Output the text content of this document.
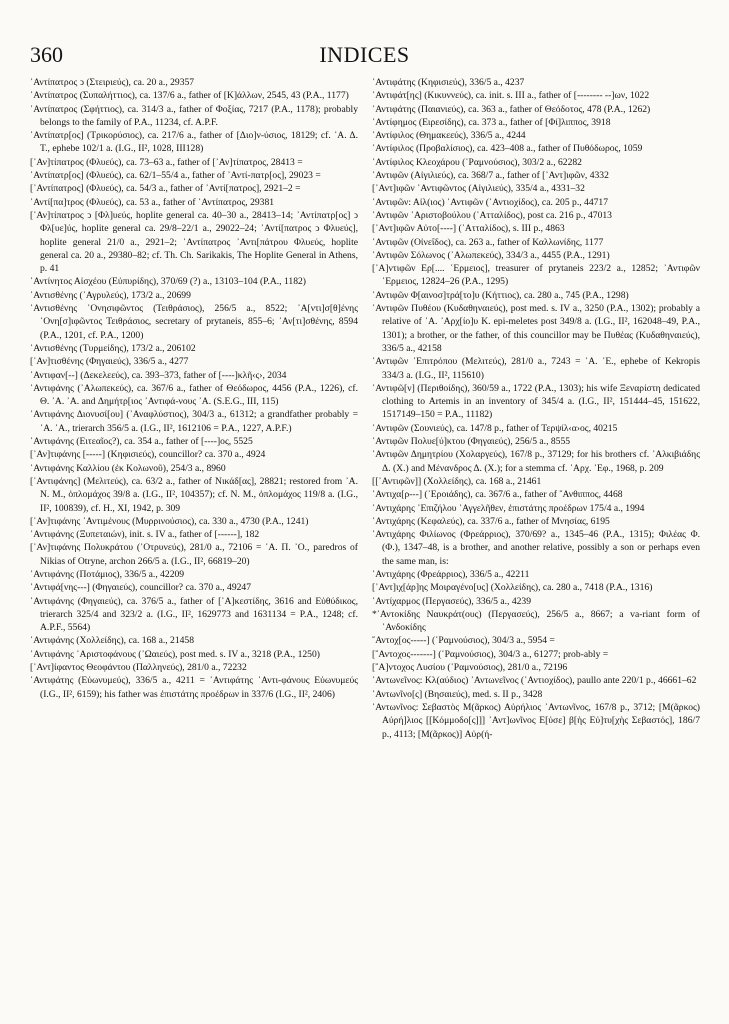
360	INDICES

᾿Αντίπατρος ↄ (Στειριεύς), ca. 20 a., 29357

᾿Αντίπατρος (Συπαλήττιος), ca. 137/6 a., father of [Κ]άλλων, 2545, 43 (P.A., 1177)

᾿Αντίπατρος (Σφήττιος), ca. 314/3 a., father of Φοξίας, 7217 (P.A., 1178); probably belongs to the family of P.A., 11234, cf. A.P.F.

᾿Αντίπατρ[ος] (Τρικορύσιος), ca. 217/6 a., father of [Διο]ν-ύσιος, 18129; cf. ᾿Α. Δ. Τ., ephebe 102/1 a. (I.G., II², 1028, III128)

[᾿Αν]τίπατρος (Φλυεύς), ca. 73–63 a., father of [᾿Αν]τίπατρος, 28413 =

᾿Αντίπατρ[ος] (Φλυεύς), ca. 62/1–55/4 a., father of ᾿Αντί-πατρ[ος], 29023 =

[᾿Αντίπατρος] (Φλυεύς), ca. 54/3 a., father of ᾿Αντί[πατρος], 2921–2 =

᾿Αντί[πα]τρος (Φλυεύς), ca. 53 a., father of ᾿Αντίπατρος, 29381

[᾿Αν]τίπατρος ↄ [Φλ]υεύς, hoplite general ca. 40–30 a., 28413–14; ᾿Αντίπατρ[ος] ↄ Φλ[υε]ύς, hoplite general ca. 29/8–22/1 a., 29022–24; ᾿Αντί[πατρος ↄ Φλυεύς], hoplite general 21/0 a., 2921–2; ᾿Αντίπατρος ᾿Αντι[πάτρου Φλυεύς, hoplite general ca. 20 a., 29380–82; cf. Th. Ch. Sarikakis, The Hoplite General in Athens, p. 41

᾿Αντίνητος Αἰσχέου (Εὐπυρίδης), 370/69 (?) a., 13103–104 (P.A., 1182)

᾿Αντισθένης (᾿Αγρυλεύς), 173/2 a., 20699

᾿Αντισθένης ᾿Ονησιφῶντος (Τειθράσιος), 256/5 a., 8522; ᾿Α[ντι]σ[θ]ένης ᾿Ονη[σ]ιφῶντος Τειθράσιος, secretary of prytaneis, 855–6; ᾿Αν[τι]σθένης, 8594 (P.A., 1201, cf. P.A., 1200)

᾿Αντισθένης (Τυρμείδης), 173/2 a., 206102

[᾿Αν]τισθένης (Φηγαιεύς), 336/5 a., 4277

᾿Αντιφαν[--] (Δεκελεεύς), ca. 393–373, father of [----]κλῆ‹ς›, 2034

᾿Αντιφάνης (᾿Αλωπεκεύς), ca. 367/6 a., father of Θεόδωρος, 4456 (P.A., 1226), cf. Θ. ᾿Α. ᾿Α. and Δημήτρ[ιος ᾿Αντιφά-νους ᾿Α. (S.E.G., III, 115)

᾿Αντιφάνης Διονυσί[ου] (᾿Αναφλύστιος), 304/3 a., 61312; a grandfather probably = ᾿Α. ᾿Α., trierarch 356/5 a. (I.G., II², 1612106 = P.A., 1227, A.P.F.)

᾿Αντιφάνης (Ειτεαῖος?), ca. 354 a., father of [----]ος, 5525

[᾿Αν]τιφάνης [-----] (Κηφισιεύς), councillor? ca. 370 a., 4924

᾿Αντιφάνης Καλλίου (ἐκ Κολωνοῦ), 254/3 a., 8960

[᾿Αντιφάνης] (Μελιτεύς), ca. 63/2 a., father of Νικάδ[ας], 28821; restored from ᾿Α. Ν. Μ., ὁπλομάχος 39/8 a. (I.G., II², 104357); cf. Ν. Μ., ὁπλομάχος 119/8 a. (I.G., II², 100839), cf. H., XI, 1942, p. 309

[᾿Αν]τιφάνης ᾿Αντιμένους (Μυρρινούσιος), ca. 330 a., 4730 (P.A., 1241)

᾿Αντιφάνης (Ξυπεταιών), init. s. IV a., father of [------], 182

[᾿Αν]τιφάνης Πολυκράτου (᾿Οτρυνεύς), 281/0 a., 72106 = ᾿Α. Π. ᾿Ο., paredros of Nikias of Otryne, archon 266/5 a. (I.G., II², 66819–20)

᾿Αντιφάνης (Ποτάμιος), 336/5 a., 42209

᾿Αντιφά[νης---] (Φηγαιεύς), councillor? ca. 370 a., 49247

᾿Αντιφάνης (Φηγαιεύς), ca. 376/5 a., father of [᾿Α]κεστίδης, 3616 and Εὐθύδικος, trierarch 325/4 and 323/2 a. (I.G., II², 1629773 and 1631134 = P.A., 1248; cf. A.P.F., 5564)

᾿Αντιφάνης (Χολλείδης), ca. 168 a., 21458

᾿Αντιφάνης ᾿Αριστοφάνους (᾿Ωαιεύς), post med. s. IV a., 3218 (P.A., 1250)

[᾿Αντ]ίφαντος Θεοφάντου (Παλληνεύς), 281/0 a., 72232

᾿Αντιφάτης (Εὐωνυμεύς), 336/5 a., 4211 = ᾿Αντιφάτης ᾿Αντι-φάνους Εὐωνυμεύς (I.G., II², 6159); his father was ἐπιστάτης προέδρων in 337/6 (I.G., II², 2406)

᾿Αντιφάτης (Κηφισιεύς), 336/5 a., 4237

᾿Αντιφάτ[ης] (Κικυννεύς), ca. init. s. III a., father of [-------- --]ων, 1022

᾿Αντιφάτης (Παιανιεύς), ca. 363 a., father of Θεόδοτος, 478 (P.A., 1262)

᾿Αντίφημος (Ειρεσίδης), ca. 373 a., father of [Φί]λιππος, 3918

᾿Αντίφιλος (Θημακεεύς), 336/5 a., 4244

᾿Αντίφιλος (Προβαλίσιος), ca. 423–408 a., father of Πυθόδωρος, 1059

᾿Αντίφιλος Κλεοχάρου (῾Ραμνούσιος), 303/2 a., 62282

᾿Αντιφῶν (Αἰγιλιεύς), ca. 368/7 a., father of [᾿Αντ]ιφῶν, 4332

[᾿Αντ]ιφῶν ᾿Αντιφῶντος (Αἰγιλιεύς), 335/4 a., 4331–32

᾿Αντιφῶν: Αἰλ(ιος) ᾿Αντιφῶν (᾿Αντιοχίδος), ca. 205 p., 44717

᾿Αντιφῶν ᾿Αριστοβούλου (᾿Ατταλίδος), post ca. 216 p., 47013

[᾿Αντ]ιφῶν Αὐτο[----] (᾿Ατταλίδος), s. III p., 4863

᾿Αντιφῶν (Οἰνεΐδος), ca. 263 a., father of Καλλωνίδης, 1177

᾿Αντιφῶν Σόλωνος (᾿Αλωπεκεύς), 334/3 a., 4455 (P.A., 1291)

[᾿Α]ντιφῶν Ερ[.... ῾Ερμειος], treasurer of prytaneis 223/2 a., 12852; ᾿Αντιφῶν ῾Ερμειος, 12824–26 (P.A., 1295)

᾿Αντιφῶν Φ[αινοσ]τρά[το]υ (Κήττιος), ca. 280 a., 745 (P.A., 1298)

᾿Αντιφῶν Πυθέου (Κυδαθηναιεύς), post med. s. IV a., 3250 (P.A., 1302); probably a relative of ᾿Α. ᾿Αρχ[ίο]υ Κ. epi-meletes post 349/8 a. (I.G., II², 162048–49, P.A., 1301); a brother, or the father, of this councillor may be Πυθέας (Κυδαθηναιεύς), 336/5 a., 42158

᾿Αντιφῶν ᾿Επιτρόπου (Μελιτεύς), 281/0 a., 7243 = ᾿Α. ᾿Ε., ephebe of Kekropis 334/3 a. (I.G., II², 115610)

᾿Αντιφῶ[ν] (Περιθοίδης), 360/59 a., 1722 (P.A., 1303); his wife Ξεναρίστη dedicated clothing to Artemis in an inventory of 345/4 a. (I.G., II², 151444–45, 151622, 1517149–150 = P.A., 11182)

᾿Αντιφῶν (Σουνιεύς), ca. 147/8 p., father of Τερψίλ‹α›ος, 40215

᾿Αντιφῶν Πολυε[ύ]κτου (Φηγαιεύς), 256/5 a., 8555

᾿Αντιφῶν Δημητρίου (Χολαργεύς), 167/8 p., 37129; for his brothers cf. ᾿Αλκιβιάδης Δ. (Χ.) and Μένανδρος Δ. (Χ.); for a stemma cf. ᾿Αρχ. ᾿Εφ., 1968, p. 209

[[᾿Αντιφῶν]] (Χολλείδης), ca. 168 a., 21461

᾿Αντιχα[ρ---] (᾿Εροιάδης), ca. 367/6 a., father of ῎Ανθιππος, 4468

᾿Αντιχάρης ᾿Επιζήλου ᾿Αγγελῆθεν, ἐπιστάτης προέδρων 175/4 a., 1994

᾿Αντιχάρης (Κεφαλεύς), ca. 337/6 a., father of Μνησίας, 6195

᾿Αντιχάρης Φιλίωνος (Φρεάρριος), 370/69? a., 1345–46 (P.A., 1315); Φιλέας Φ. (Φ.), 1347–48, is a brother, and another relative, possibly a son or perhaps even the same man, is:

᾿Αντιχάρης (Φρεάρριος), 336/5 a., 42211

[᾿Αντ]ιχ[άρ]ης Μοιραγένο[υς] (Χολλείδης), ca. 280 a., 7418 (P.A., 1316)

᾿Αντίχαρμος (Περγασεύς), 336/5 a., 4239

*᾿Αντοκίδης Ναυκράτ(ους) (Περγασεύς), 256/5 a., 8667; a va-riant form of ᾿Ανδοκίδης

῎Αντοχ[ος-----] (῾Ραμνούσιος), 304/3 a., 5954 =

[῎Αντοχος-------] (῾Ραμνούσιος), 304/3 a., 61277; prob-ably =

[῎Α]ντοχος Λυσίου (῾Ραμνούσιος), 281/0 a., 72196

᾿Αντωνεῖνος: Κλ(αύδιος) ᾿Αντωνεῖνος (᾿Αντιοχίδος), paullo ante 220/1 p., 46661–62

᾿Αντωνῖνο[ς] (Βησαιεύς), med. s. II p., 3428

᾿Αντωνῖνος: Σεβαστὸς Μ(ᾶρκος) Αὐρήλιος ᾿Αντωνῖνος, 167/8 p., 3712; [Μ(ᾶρκος) Αὐρή]λιος [[Κόμμοδο[ς]]] ᾿Αντ]ωνῖνος Ε[ὐσε] β[ὴς Εὐ]τυ[χὴς Σεβαστός], 186/7 p., 4113; [Μ(ᾶρκος)] Αὐρ(ή-
